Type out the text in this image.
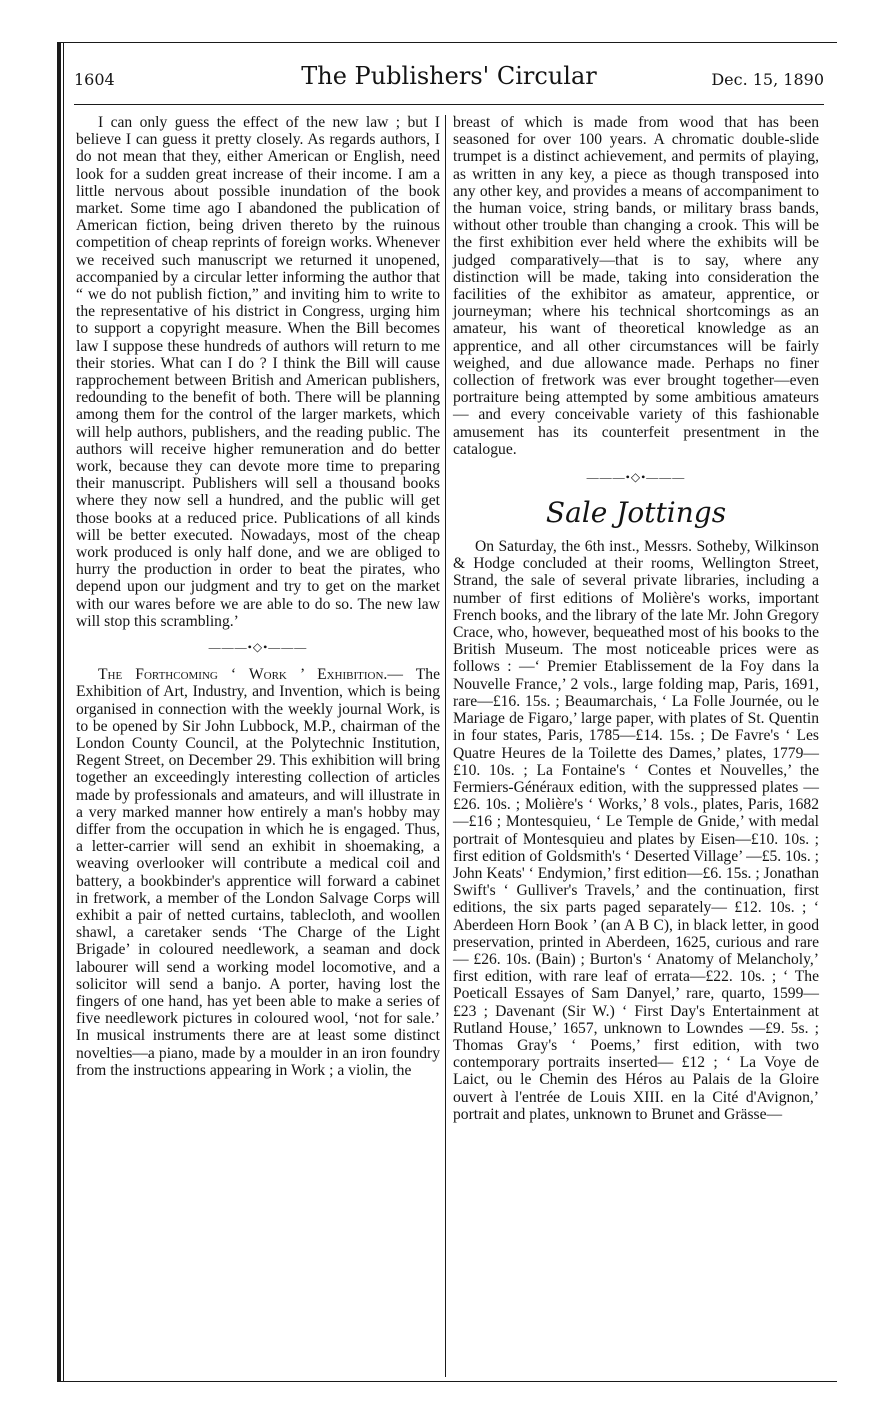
1604	The Publishers' Circular	Dec. 15, 1890

I can only guess the effect of the new law ; but I believe I can guess it pretty closely. As regards authors, I do not mean that they, either American or English, need look for a sudden great increase of their income. I am a little nervous about possible inundation of the book market. Some time ago I abandoned the publication of American fiction, being driven thereto by the ruinous competition of cheap reprints of foreign works. Whenever we received such manuscript we returned it unopened, accompanied by a circular letter informing the author that “ we do not publish fiction,” and inviting him to write to the representative of his district in Congress, urging him to support a copyright measure. When the Bill becomes law I suppose these hundreds of authors will return to me their stories. What can I do ? I think the Bill will cause rapprochement between British and American publishers, redounding to the benefit of both. There will be planning among them for the control of the larger markets, which will help authors, publishers, and the reading public. The authors will receive higher remuneration and do better work, because they can devote more time to preparing their manuscript. Publishers will sell a thousand books where they now sell a hundred, and the public will get those books at a reduced price. Publications of all kinds will be better executed. Nowadays, most of the cheap work produced is only half done, and we are obliged to hurry the production in order to beat the pirates, who depend upon our judgment and try to get on the market with our wares before we are able to do so. The new law will stop this scrambling.’

———•◇•———

The Forthcoming ‘ Work ’ Exhibition.— The Exhibition of Art, Industry, and Invention, which is being organised in connection with the weekly journal Work, is to be opened by Sir John Lubbock, M.P., chairman of the London County Council, at the Polytechnic Institution, Regent Street, on December 29. This exhibition will bring together an exceedingly interesting collection of articles made by professionals and amateurs, and will illustrate in a very marked manner how entirely a man's hobby may differ from the occupation in which he is engaged. Thus, a letter-carrier will send an exhibit in shoemaking, a weaving overlooker will contribute a medical coil and battery, a bookbinder's apprentice will forward a cabinet in fretwork, a member of the London Salvage Corps will exhibit a pair of netted curtains, tablecloth, and woollen shawl, a caretaker sends ‘The Charge of the Light Brigade’ in coloured needlework, a seaman and dock labourer will send a working model locomotive, and a solicitor will send a banjo. A porter, having lost the fingers of one hand, has yet been able to make a series of five needlework pictures in coloured wool, ‘not for sale.’ In musical instruments there are at least some distinct novelties—a piano, made by a moulder in an iron foundry from the instructions appearing in Work ; a violin, the

breast of which is made from wood that has been seasoned for over 100 years. A chromatic double-slide trumpet is a distinct achievement, and permits of playing, as written in any key, a piece as though transposed into any other key, and provides a means of accompaniment to the human voice, string bands, or military brass bands, without other trouble than changing a crook. This will be the first exhibition ever held where the exhibits will be judged comparatively—that is to say, where any distinction will be made, taking into consideration the facilities of the exhibitor as amateur, apprentice, or journeyman; where his technical shortcomings as an amateur, his want of theoretical knowledge as an apprentice, and all other circumstances will be fairly weighed, and due allowance made. Perhaps no finer collection of fretwork was ever brought together—even portraiture being attempted by some ambitious amateurs — and every conceivable variety of this fashionable amusement has its counterfeit presentment in the catalogue.

———•◇•———
Sale Jottings

On Saturday, the 6th inst., Messrs. Sotheby, Wilkinson & Hodge concluded at their rooms, Wellington Street, Strand, the sale of several private libraries, including a number of first editions of Molière's works, important French books, and the library of the late Mr. John Gregory Crace, who, however, bequeathed most of his books to the British Museum. The most noticeable prices were as follows : —‘ Premier Etablissement de la Foy dans la Nouvelle France,’ 2 vols., large folding map, Paris, 1691, rare—£16. 15s. ; Beaumarchais, ‘ La Folle Journée, ou le Mariage de Figaro,’ large paper, with plates of St. Quentin in four states, Paris, 1785—£14. 15s. ; De Favre's ‘ Les Quatre Heures de la Toilette des Dames,’ plates, 1779—£10. 10s. ; La Fontaine's ‘ Contes et Nouvelles,’ the Fermiers-Généraux edition, with the suppressed plates —£26. 10s. ; Molière's ‘ Works,’ 8 vols., plates, Paris, 1682—£16 ; Montesquieu, ‘ Le Temple de Gnide,’ with medal portrait of Montesquieu and plates by Eisen—£10. 10s. ; first edition of Goldsmith's ‘ Deserted Village’ —£5. 10s. ; John Keats' ‘ Endymion,’ first edition—£6. 15s. ; Jonathan Swift's ‘ Gulliver's Travels,’ and the continuation, first editions, the six parts paged separately— £12. 10s. ; ‘ Aberdeen Horn Book ’ (an A B C), in black letter, in good preservation, printed in Aberdeen, 1625, curious and rare— £26. 10s. (Bain) ; Burton's ‘ Anatomy of Melancholy,’ first edition, with rare leaf of errata—£22. 10s. ; ‘ The Poeticall Essayes of Sam Danyel,’ rare, quarto, 1599—£23 ; Davenant (Sir W.) ‘ First Day's Entertainment at Rutland House,’ 1657, unknown to Lowndes —£9. 5s. ; Thomas Gray's ‘ Poems,’ first edition, with two contemporary portraits inserted— £12 ; ‘ La Voye de Laict, ou le Chemin des Héros au Palais de la Gloire ouvert à l'entrée de Louis XIII. en la Cité d'Avignon,’ portrait and plates, unknown to Brunet and Grässe—
